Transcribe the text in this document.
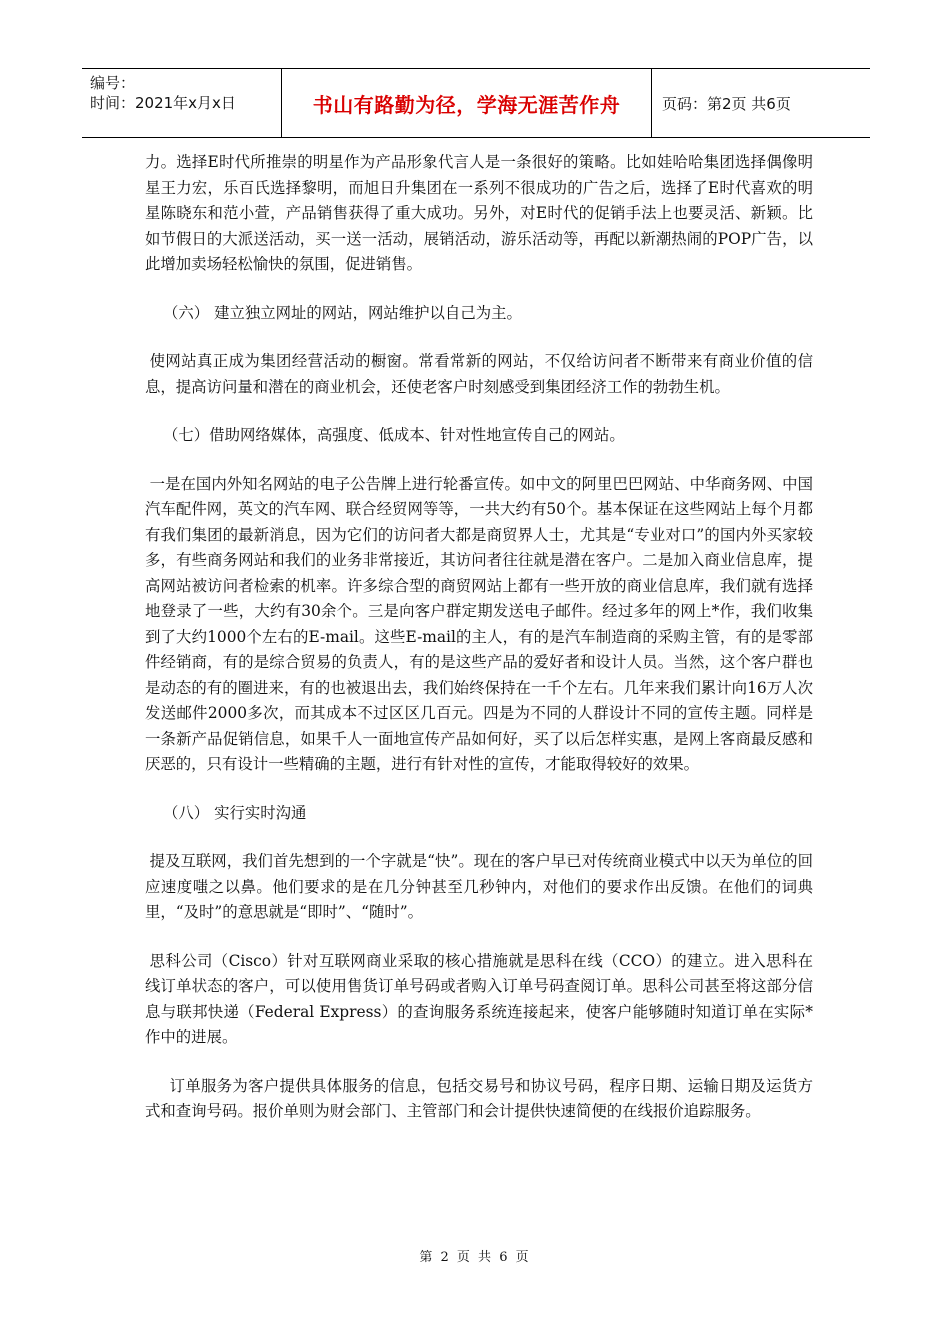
编号：
时间：2021年x月x日	书山有路勤为径，学海无涯苦作舟	页码：第2页 共6页

力。选择E时代所推崇的明星作为产品形象代言人是一条很好的策略。比如娃哈哈集团选择偶像明星王力宏，乐百氏选择黎明，而旭日升集团在一系列不很成功的广告之后，选择了E时代喜欢的明星陈晓东和范小萱，产品销售获得了重大成功。另外，对E时代的促销手法上也要灵活、新颖。比如节假日的大派送活动，买一送一活动，展销活动，游乐活动等，再配以新潮热闹的POP广告，以此增加卖场轻松愉快的氛围，促进销售。

（六） 建立独立网址的网站，网站维护以自己为主。

使网站真正成为集团经营活动的橱窗。常看常新的网站，不仅给访问者不断带来有商业价值的信息，提高访问量和潜在的商业机会，还使老客户时刻感受到集团经济工作的勃勃生机。

（七）借助网络媒体，高强度、低成本、针对性地宣传自己的网站。

一是在国内外知名网站的电子公告牌上进行轮番宣传。如中文的阿里巴巴网站、中华商务网、中国汽车配件网，英文的汽车网、联合经贸网等等，一共大约有50个。基本保证在这些网站上每个月都有我们集团的最新消息，因为它们的访问者大都是商贸界人士，尤其是“专业对口”的国内外买家较多，有些商务网站和我们的业务非常接近，其访问者往往就是潜在客户。二是加入商业信息库，提高网站被访问者检索的机率。许多综合型的商贸网站上都有一些开放的商业信息库，我们就有选择地登录了一些，大约有30余个。三是向客户群定期发送电子邮件。经过多年的网上*作，我们收集到了大约1000个左右的E-mail。这些E-mail的主人，有的是汽车制造商的采购主管，有的是零部件经销商，有的是综合贸易的负责人，有的是这些产品的爱好者和设计人员。当然，这个客户群也是动态的有的圈进来，有的也被退出去，我们始终保持在一千个左右。几年来我们累计向16万人次发送邮件2000多次，而其成本不过区区几百元。四是为不同的人群设计不同的宣传主题。同样是一条新产品促销信息，如果千人一面地宣传产品如何好，买了以后怎样实惠，是网上客商最反感和厌恶的，只有设计一些精确的主题，进行有针对性的宣传，才能取得较好的效果。

（八） 实行实时沟通

提及互联网，我们首先想到的一个字就是“快”。现在的客户早已对传统商业模式中以天为单位的回应速度嗤之以鼻。他们要求的是在几分钟甚至几秒钟内，对他们的要求作出反馈。在他们的词典里，“及时”的意思就是“即时”、“随时”。

思科公司（Cisco）针对互联网商业采取的核心措施就是思科在线（CCO）的建立。进入思科在线订单状态的客户，可以使用售货订单号码或者购入订单号码查阅订单。思科公司甚至将这部分信息与联邦快递（Federal Express）的查询服务系统连接起来，使客户能够随时知道订单在实际*作中的进展。

订单服务为客户提供具体服务的信息，包括交易号和协议号码，程序日期、运输日期及运货方式和查询号码。报价单则为财会部门、主管部门和会计提供快速简便的在线报价追踪服务。

第 2 页 共 6 页
